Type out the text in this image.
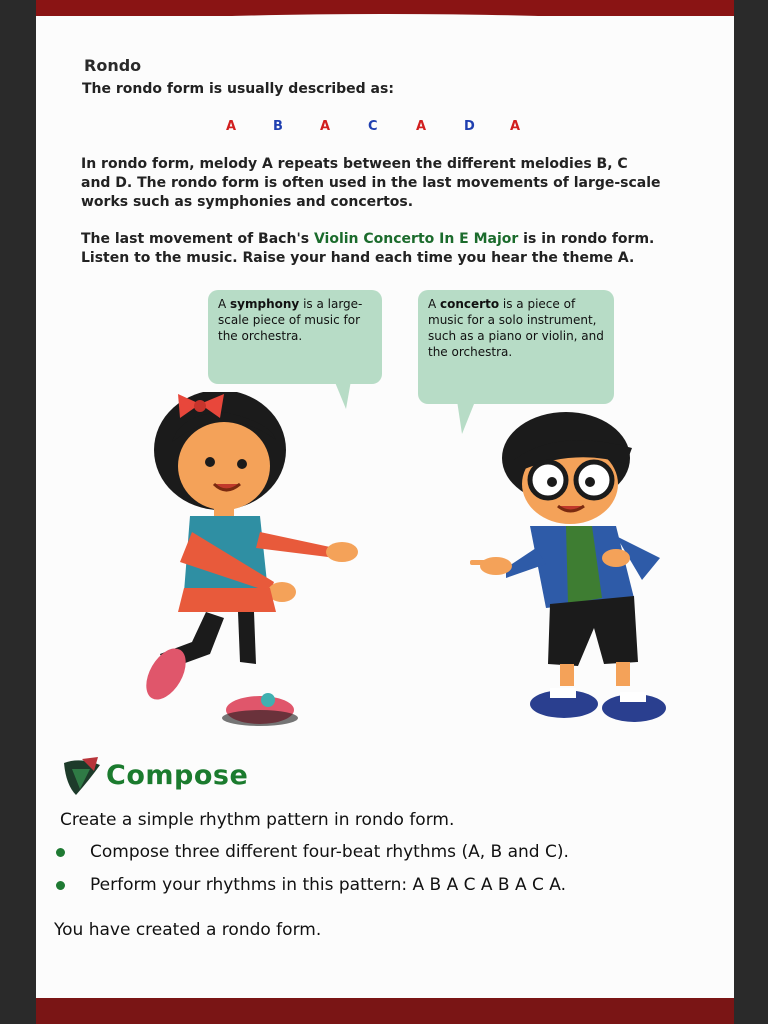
Rondo
The rondo form is usually described as:
A	B	A	C	A	D	A
In rondo form, melody A repeats between the different melodies B, C
and D. The rondo form is often used in the last movements of large-scale
works such as symphonies and concertos.
The last movement of Bach's Violin Concerto In E Major is in rondo form.
Listen to the music. Raise your hand each time you hear the theme A.
A symphony is a large-scale piece of music for the orchestra.
A concerto is a piece of music for a solo instrument, such as a piano or violin, and the orchestra.
Compose
Create a simple rhythm pattern in rondo form.
Compose three different four-beat rhythms (A, B and C).
Perform your rhythms in this pattern: A B A C A B A C A.
You have created a rondo form.
